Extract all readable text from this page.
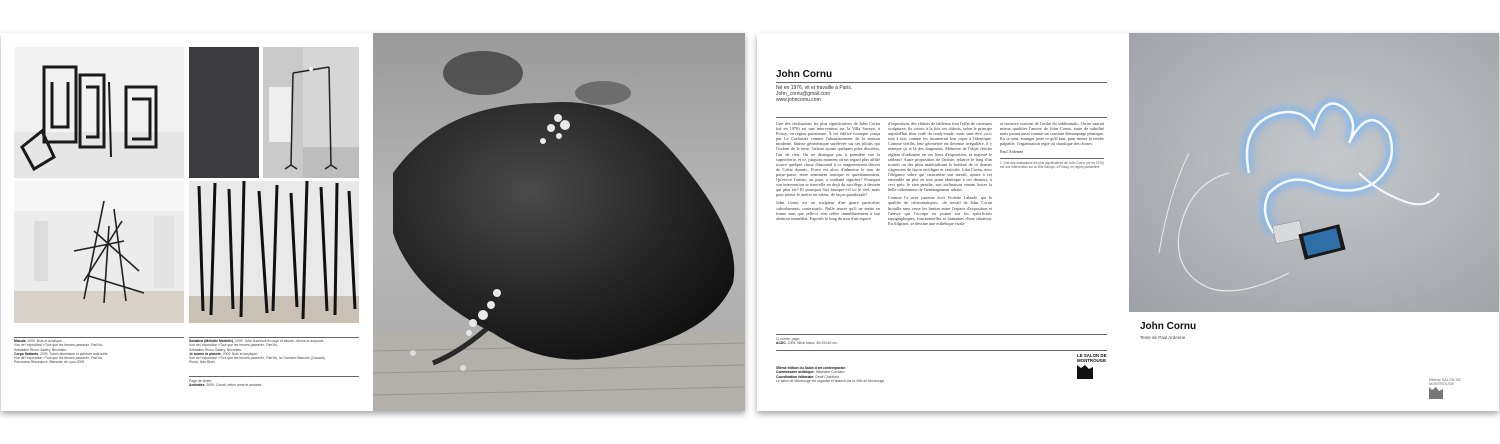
Macula, 2009. Bois et acrylique.
Vue de l'exposition «Tout que les heures passent», Part'As,
Sébastien Ricou Gallery, Bruxelles.
Corps flottants, 2009. Tubes aluminium et peinture antirouille.
Vue de l'exposition «Tout que les heures passent», Part'As,
Panorama Résonance, Biennale de Lyon 2009.
Sonatine (Mélodie Mortelle), 2009. Tube fluorescent rouge et allumé, micros et ampoule.
Vue de l'exposition «Tout que les heures passent», Part'As,
Sébastien Ricou Gallery, Bruxelles.
Je tourne la planète, 2009. Bois et acrylique.
Vue de l'exposition «Tout que les heures passent», Part'As, la Chambre Blanche (Canada),
Photo: Ivan Binet
Page de droite:
Antimites, 2009. Cobalt, béton armé et amiante.
John Cornu
Né en 1976, vit et travaille à Paris.
John_cornu@gmail.com
www.johncornu.com

Une des réalisations les plus significatives de John Cornu (né en 1976) est une intervention sur la Villa Savoye, à Poissy, en région parisienne. À cet édifice iconique conçu par Le Corbusier comme l'aboutissement de la maison moderne, bâtisse géométrique surélevée sur ses pilotis qui l'isolent de la terre, l'artiste ajoute quelques piles discrètes, l'air de rien. On ne distingue pas à première vue la supercherie, et ce, jusqu'au moment où un regard plus affûté trouve quelque chose d'anormal à ce réagencement discret de l'«état donné». Force est alors d'admettre le tour de passe-passe, entre sentiment ironique et questionnement. Qu'est-ce l'artiste, au juste, a souhaité signifier? Pourquoi son intervention se tient-elle en deçà du sacrilège, à dessein qui plus est? Et pourquoi l'art brusque-t-il ici le réel, mais pour mieux le mettre en valeur, de façon paradoxale?

John Cornu est un sculpteur d'un genre particulier «absolument» contextuel». Nulle œuvre qu'il ne mette en forme sans que celle-ci n'en réfère immédiatement à son alentour immédiat. Exposés le long du mur d'un espace

d'exposition, des châssis de tableaux font l'effet de curieuses sculptures: ils «sont» à la fois ces châssis, selon le principe aujourd'hui bien rodé du ready-made, mais sans être «ici» tout à fait, comme les incarnerait leur copie à l'identique. Comme vieillis, leur géométrie est devenue irrégulière, il y manque çà et là des fragments. Mémoire de l'objet fétiche réglant d'ordinaire en ces lieux d'exposition, sa majesté le tableau? Autre proposition de l'artiste, relative le long d'un trottoir ou des plots matérialisant la bordure de ce dernier s'agencent de façon rectiligne et verticale. John Cornu, avec l'élégance sobre qui caractérise son travail, ajoute à cet ensemble un plot en tout point identique à ces derniers, à ceci près: le sien penche, son inclinaison venant briser la belle ordonnance de l'aménagement urbain.

Comme l'a avec justesse écrit Violette Laburle, qui le qualifie de «rhizomatique», «le travail de John Cornu brouille sans cesse les limites entre l'espace d'exposition et l'œuvre qui l'occupe en jouant sur les spécificités topographiques, fonctionnelles et humaines d'une situation. En filigrane, se dessine une esthétique virale

et invasive souvent de l'ordre du subliminal». On ne saurait mieux qualifier l'œuvre de John Cornu, toute de subtilité mais jouant aussi comme un constant démarquage plastique. En ce sens, étranger juste ce qu'il faut, pour mieux la rendre palpable, l'organisation régie ou chaotique des choses.

Paul Ardenne

1. Une des réalisations les plus significatives de John Cornu (né en 1976) est une intervention sur la Villa Savoye, à Poissy, en région parisienne.
Ci-contre, page:
ACDC, 2009. Néon blanc, 30×20×40 cm.
55ème édition du Salon d'art contemporain
Commissaire artistique: Stéphane Corréard
Coordination éditoriale: Geoff Charbons
Le salon de Montrouge est organisé et financé par la Ville de Montrouge
LE SALON DE MONTROUGE
John Cornu
Texte de Paul Ardenne
55ème SALON DE MONTROUGE
